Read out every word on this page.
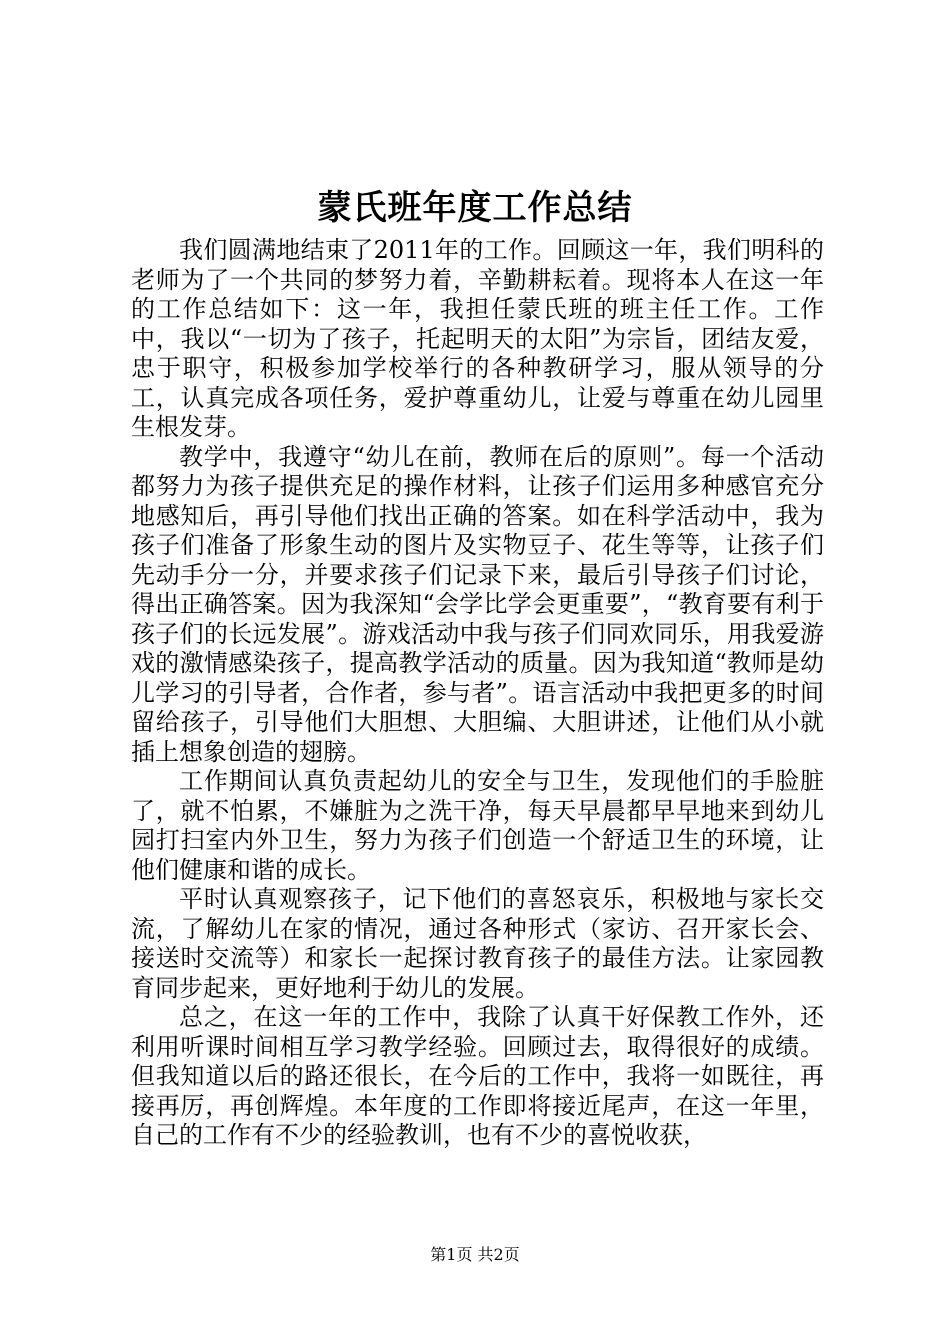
蒙氏班年度工作总结

我们圆满地结束了2011年的工作。回顾这一年，我们明科的老师为了一个共同的梦努力着，辛勤耕耘着。现将本人在这一年的工作总结如下：这一年，我担任蒙氏班的班主任工作。工作中，我以“一切为了孩子，托起明天的太阳”为宗旨，团结友爱，忠于职守，积极参加学校举行的各种教研学习，服从领导的分工，认真完成各项任务，爱护尊重幼儿，让爱与尊重在幼儿园里生根发芽。

教学中，我遵守“幼儿在前，教师在后的原则”。每一个活动都努力为孩子提供充足的操作材料，让孩子们运用多种感官充分地感知后，再引导他们找出正确的答案。如在科学活动中，我为孩子们准备了形象生动的图片及实物豆子、花生等等，让孩子们先动手分一分，并要求孩子们记录下来，最后引导孩子们讨论，得出正确答案。因为我深知“会学比学会更重要”，“教育要有利于孩子们的长远发展”。游戏活动中我与孩子们同欢同乐，用我爱游戏的激情感染孩子，提高教学活动的质量。因为我知道“教师是幼儿学习的引导者，合作者，参与者”。语言活动中我把更多的时间留给孩子，引导他们大胆想、大胆编、大胆讲述，让他们从小就插上想象创造的翅膀。

工作期间认真负责起幼儿的安全与卫生，发现他们的手脸脏了，就不怕累，不嫌脏为之洗干净，每天早晨都早早地来到幼儿园打扫室内外卫生，努力为孩子们创造一个舒适卫生的环境，让他们健康和谐的成长。

平时认真观察孩子，记下他们的喜怒哀乐，积极地与家长交流，了解幼儿在家的情况，通过各种形式（家访、召开家长会、接送时交流等）和家长一起探讨教育孩子的最佳方法。让家园教育同步起来，更好地利于幼儿的发展。

总之，在这一年的工作中，我除了认真干好保教工作外，还利用听课时间相互学习教学经验。回顾过去，取得很好的成绩。但我知道以后的路还很长，在今后的工作中，我将一如既往，再接再厉，再创辉煌。本年度的工作即将接近尾声，在这一年里，自己的工作有不少的经验教训，也有不少的喜悦收获，

第1页 共2页
